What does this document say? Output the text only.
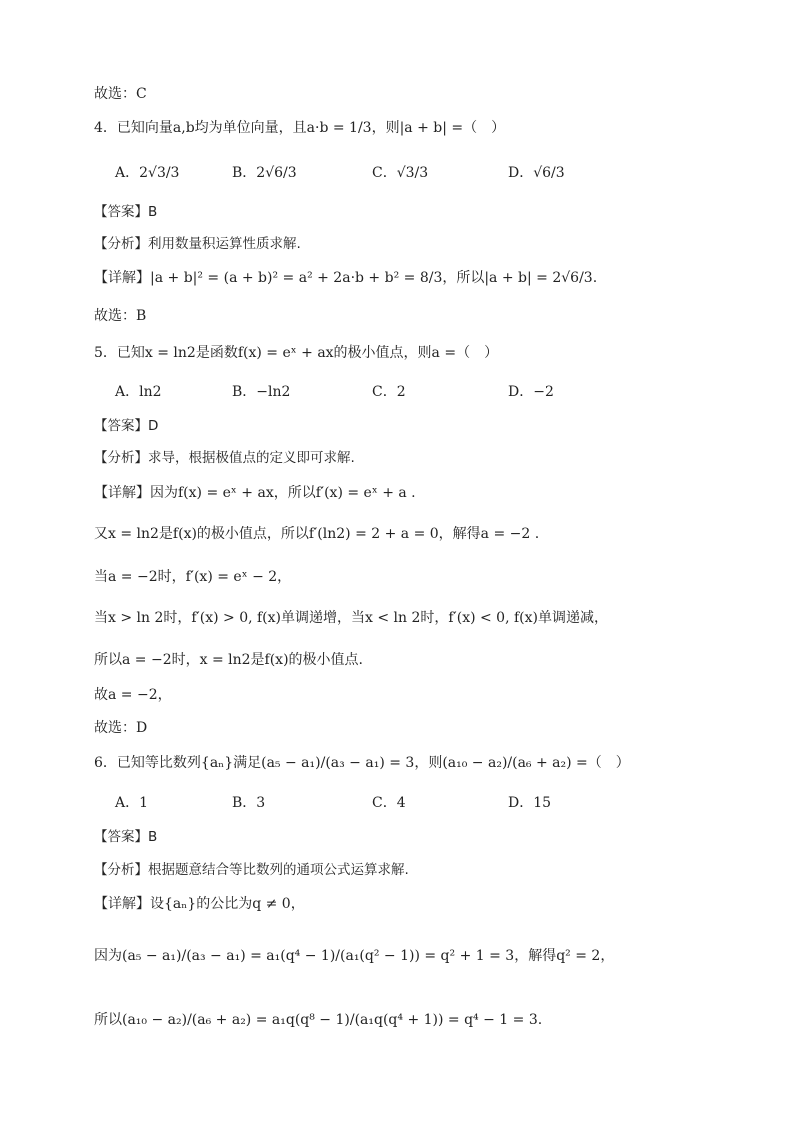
故选：C
4．已知向量a,b均为单位向量，且a·b = 1/3，则|a + b| =（　）
A．2√3/3	B．2√6/3	C．√3/3	D．√6/3
【答案】B
【分析】利用数量积运算性质求解.
【详解】|a + b|² = (a + b)² = a² + 2a·b + b² = 8/3，所以|a + b| = 2√6/3.
故选：B
5．已知x = ln2是函数f(x) = eˣ + ax的极小值点，则a =（　）
A．ln2	B．−ln2	C．2	D．−2
【答案】D
【分析】求导，根据极值点的定义即可求解.
【详解】因为f(x) = eˣ + ax，所以f′(x) = eˣ + a .
又x = ln2是f(x)的极小值点，所以f′(ln2) = 2 + a = 0，解得a = −2 .
当a = −2时，f′(x) = eˣ − 2，
当x > ln 2时，f′(x) > 0, f(x)单调递增，当x < ln 2时，f′(x) < 0, f(x)单调递减，
所以a = −2时，x = ln2是f(x)的极小值点.
故a = −2，
故选：D
6．已知等比数列{aₙ}满足(a₅ − a₁)/(a₃ − a₁) = 3，则(a₁₀ − a₂)/(a₆ + a₂) =（　）
A．1	B．3	C．4	D．15
【答案】B
【分析】根据题意结合等比数列的通项公式运算求解.
【详解】设{aₙ}的公比为q ≠ 0，
因为(a₅ − a₁)/(a₃ − a₁) = a₁(q⁴ − 1)/(a₁(q² − 1)) = q² + 1 = 3，解得q² = 2，
所以(a₁₀ − a₂)/(a₆ + a₂) = a₁q(q⁸ − 1)/(a₁q(q⁴ + 1)) = q⁴ − 1 = 3.
